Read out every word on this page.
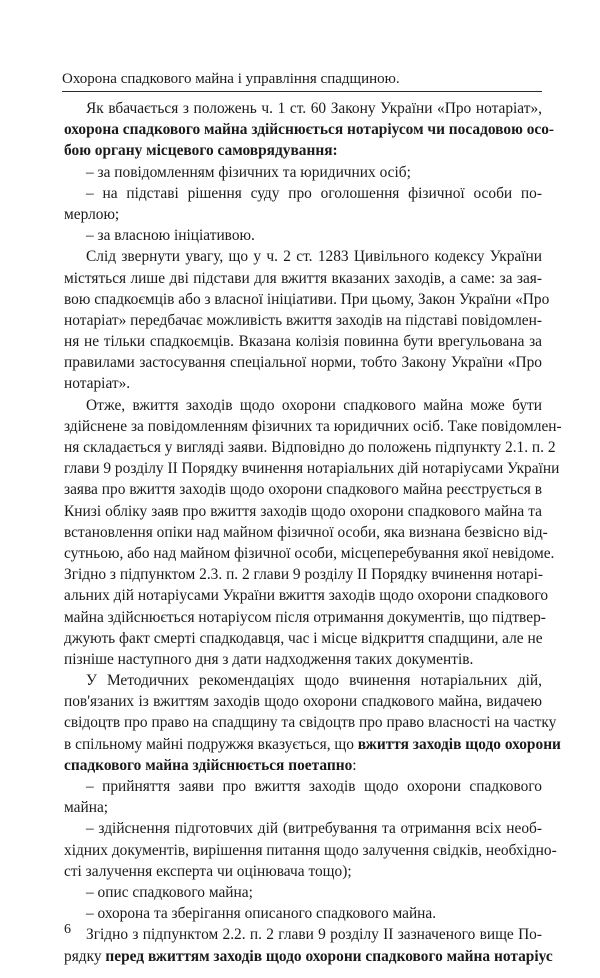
Охорона спадкового майна і управління спадщиною.
Як вбачається з положень ч. 1 ст. 60 Закону України «Про нотаріат»,
охорона спадкового майна здійснюється нотаріусом чи посадовою осо-
бою органу місцевого самоврядування:
– за повідомленням фізичних та юридичних осіб;
– на підставі рішення суду про оголошення фізичної особи по-
мерлою;
– за власною ініціативою.
Слід звернути увагу, що у ч. 2 ст. 1283 Цивільного кодексу України
містяться лише дві підстави для вжиття вказаних заходів, а саме: за зая-
вою спадкоємців або з власної ініціативи. При цьому, Закон України «Про
нотаріат» передбачає можливість вжиття заходів на підставі повідомлен-
ня не тільки спадкоємців. Вказана колізія повинна бути врегульована за
правилами застосування спеціальної норми, тобто Закону України «Про
нотаріат».
Отже, вжиття заходів щодо охорони спадкового майна може бути
здійснене за повідомленням фізичних та юридичних осіб. Таке повідомлен-
ня складається у вигляді заяви. Відповідно до положень підпункту 2.1. п. 2
глави 9 розділу ІІ Порядку вчинення нотаріальних дій нотаріусами України
заява про вжиття заходів щодо охорони спадкового майна реєструється в
Книзі обліку заяв про вжиття заходів щодо охорони спадкового майна та
встановлення опіки над майном фізичної особи, яка визнана безвісно від-
сутньою, або над майном фізичної особи, місцеперебування якої невідоме.
Згідно з підпунктом 2.3. п. 2 глави 9 розділу ІІ Порядку вчинення нотарі-
альних дій нотаріусами України вжиття заходів щодо охорони спадкового
майна здійснюється нотаріусом після отримання документів, що підтвер-
джують факт смерті спадкодавця, час і місце відкриття спадщини, але не
пізніше наступного дня з дати надходження таких документів.
У Методичних рекомендаціях щодо вчинення нотаріальних дій,
пов'язаних із вжиттям заходів щодо охорони спадкового майна, видачею
свідоцтв про право на спадщину та свідоцтв про право власності на частку
в спільному майні подружжя вказується, що вжиття заходів щодо охорони
спадкового майна здійснюється поетапно:
– прийняття заяви про вжиття заходів щодо охорони спадкового
майна;
– здійснення підготовчих дій (витребування та отримання всіх необ-
хідних документів, вирішення питання щодо залучення свідків, необхідно-
сті залучення експерта чи оцінювача тощо);
– опис спадкового майна;
– охорона та зберігання описаного спадкового майна.
Згідно з підпунктом 2.2. п. 2 глави 9 розділу ІІ зазначеного вище По-
рядку перед вжиттям заходів щодо охорони спадкового майна нотаріус
6
